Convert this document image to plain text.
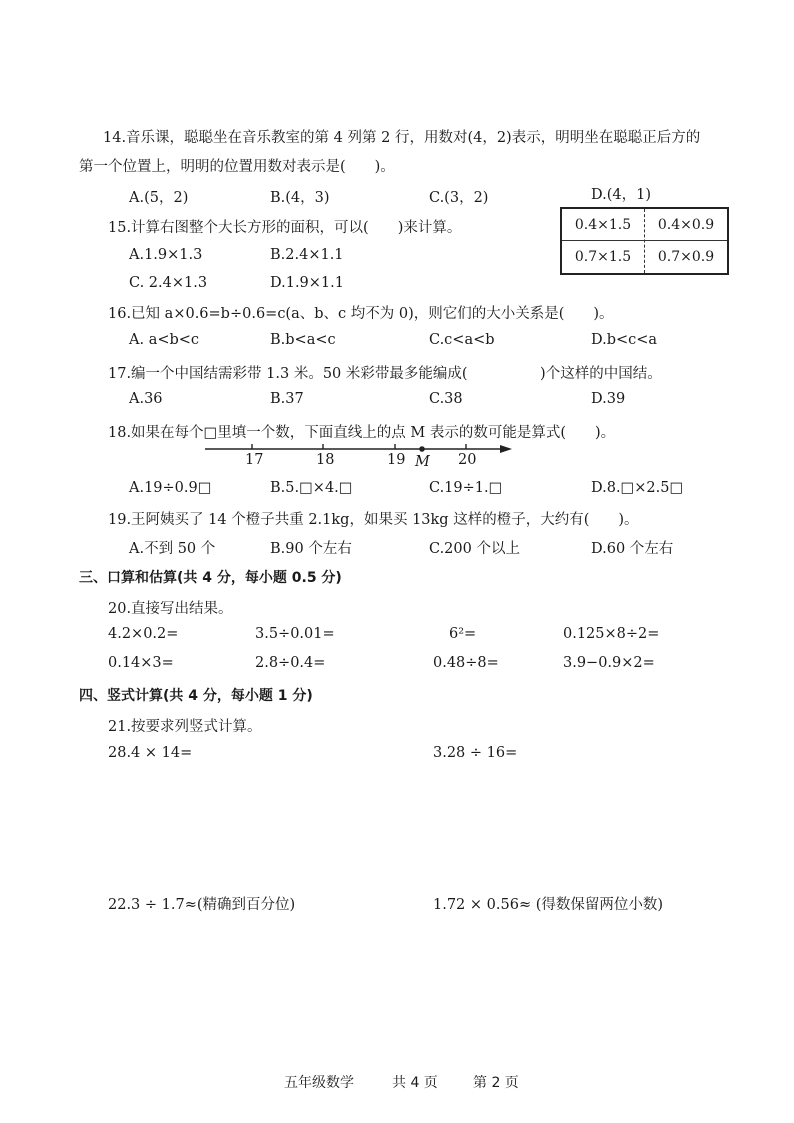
14.音乐课，聪聪坐在音乐教室的第 4 列第 2 行，用数对(4，2)表示，明明坐在聪聪正后方的
第一个位置上，明明的位置用数对表示是(　　)。
A.(5，2)	B.(4，3)	C.(3，2)	D.(4，1)
15.计算右图整个大长方形的面积，可以(　　)来计算。
A.1.9×1.3	B.2.4×1.1
C. 2.4×1.3	D.1.9×1.1
0.4×1.5	0.4×0.9
0.7×1.5	0.7×0.9
16.已知 a×0.6=b÷0.6=c(a、b、c 均不为 0)，则它们的大小关系是(　　)。
A. a<b<c	B.b<a<c	C.c<a<b	D.b<c<a
17.编一个中国结需彩带 1.3 米。50 米彩带最多能编成(　　　　　)个这样的中国结。
A.36	B.37	C.38	D.39
18.如果在每个□里填一个数，下面直线上的点 M 表示的数可能是算式(　　)。
17	18	19 M 20
A.19÷0.9□	B.5.□×4.□	C.19÷1.□	D.8.□×2.5□
19.王阿姨买了 14 个橙子共重 2.1kg，如果买 13kg 这样的橙子，大约有(　　)。
A.不到 50 个	B.90 个左右	C.200 个以上	D.60 个左右
三、口算和估算(共 4 分，每小题 0.5 分)
20.直接写出结果。
4.2×0.2=	3.5÷0.01=	6²=	0.125×8÷2=
0.14×3=	2.8÷0.4=	0.48÷8=	3.9−0.9×2=
四、竖式计算(共 4 分，每小题 1 分)
21.按要求列竖式计算。
28.4 × 14=	3.28 ÷ 16=
22.3 ÷ 1.7≈(精确到百分位)	1.72 × 0.56≈ (得数保留两位小数)
五年级数学	共 4 页	第 2 页
